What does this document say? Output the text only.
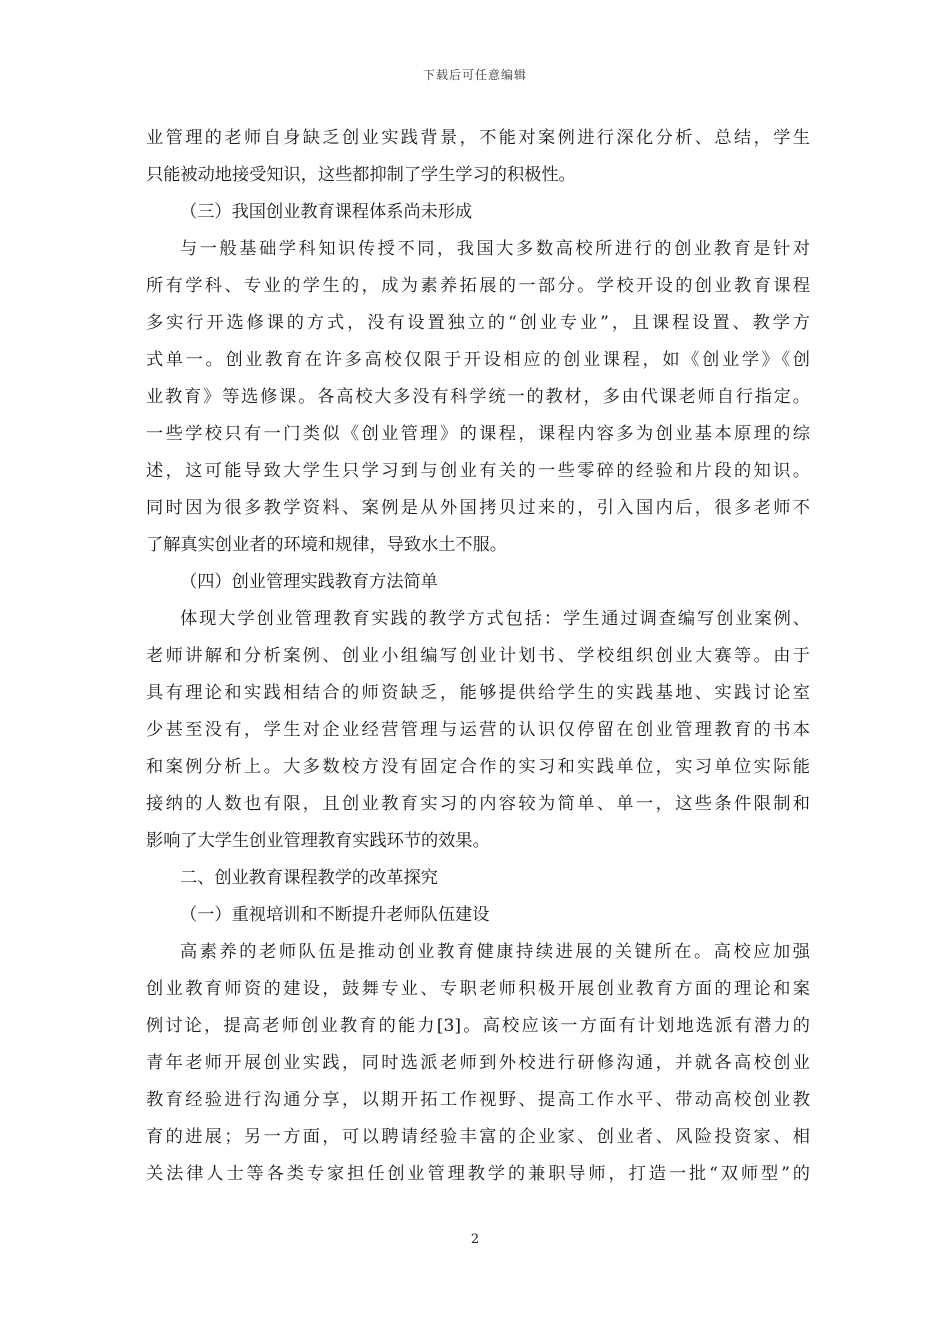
下载后可任意编辑
业管理的老师自身缺乏创业实践背景，不能对案例进行深化分析、总结，学生
只能被动地接受知识，这些都抑制了学生学习的积极性。
（三）我国创业教育课程体系尚未形成
与一般基础学科知识传授不同，我国大多数高校所进行的创业教育是针对
所有学科、专业的学生的，成为素养拓展的一部分。学校开设的创业教育课程
多实行开选修课的方式，没有设置独立的“创业专业”，且课程设置、教学方
式单一。创业教育在许多高校仅限于开设相应的创业课程，如《创业学》《创
业教育》等选修课。各高校大多没有科学统一的教材，多由代课老师自行指定。
一些学校只有一门类似《创业管理》的课程，课程内容多为创业基本原理的综
述，这可能导致大学生只学习到与创业有关的一些零碎的经验和片段的知识。
同时因为很多教学资料、案例是从外国拷贝过来的，引入国内后，很多老师不
了解真实创业者的环境和规律，导致水土不服。
（四）创业管理实践教育方法简单
体现大学创业管理教育实践的教学方式包括：学生通过调查编写创业案例、
老师讲解和分析案例、创业小组编写创业计划书、学校组织创业大赛等。由于
具有理论和实践相结合的师资缺乏，能够提供给学生的实践基地、实践讨论室
少甚至没有，学生对企业经营管理与运营的认识仅停留在创业管理教育的书本
和案例分析上。大多数校方没有固定合作的实习和实践单位，实习单位实际能
接纳的人数也有限，且创业教育实习的内容较为简单、单一，这些条件限制和
影响了大学生创业管理教育实践环节的效果。
二、创业教育课程教学的改革探究
（一）重视培训和不断提升老师队伍建设
高素养的老师队伍是推动创业教育健康持续进展的关键所在。高校应加强
创业教育师资的建设，鼓舞专业、专职老师积极开展创业教育方面的理论和案
例讨论，提高老师创业教育的能力[3]。高校应该一方面有计划地选派有潜力的
青年老师开展创业实践，同时选派老师到外校进行研修沟通，并就各高校创业
教育经验进行沟通分享，以期开拓工作视野、提高工作水平、带动高校创业教
育的进展；另一方面，可以聘请经验丰富的企业家、创业者、风险投资家、相
关法律人士等各类专家担任创业管理教学的兼职导师，打造一批“双师型”的
2
